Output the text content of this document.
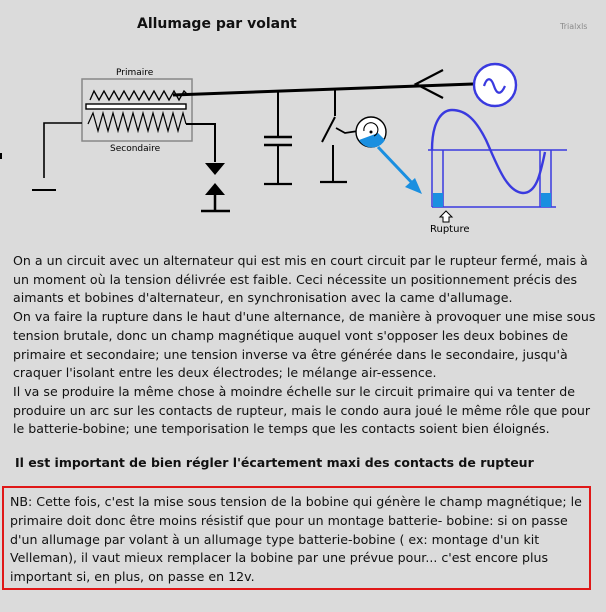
Allumage par volant	Trialxls
Primaire
Secondaire
Rupture

On a un circuit avec un alternateur qui est mis en court circuit par le rupteur fermé, mais à un moment où la tension délivrée est faible. Ceci nécessite un positionnement précis des aimants et bobines d'alternateur, en synchronisation avec la came d'allumage.

On va faire la rupture dans le haut d'une alternance, de manière à provoquer une mise sous tension brutale, donc un champ magnétique auquel vont s'opposer les deux bobines de primaire et secondaire; une tension inverse va être générée dans le secondaire, jusqu'à craquer l'isolant entre les deux électrodes; le mélange air-essence.

Il va se produire la même chose à moindre échelle sur le circuit primaire qui va tenter de produire un arc sur les contacts de rupteur, mais le condo aura joué le même rôle que pour le batterie-bobine; une temporisation le temps que les contacts soient bien éloignés.

Il est important de bien régler l'écartement maxi des contacts de rupteur
NB: Cette fois, c'est la mise sous tension de la bobine qui génère le champ magnétique; le primaire doit donc être moins résistif que pour un montage batterie- bobine: si on passe d'un allumage par volant à un allumage type batterie-bobine ( ex: montage d'un kit Velleman), il vaut mieux remplacer la bobine par une prévue pour... c'est encore plus important si, en plus, on passe en 12v.
